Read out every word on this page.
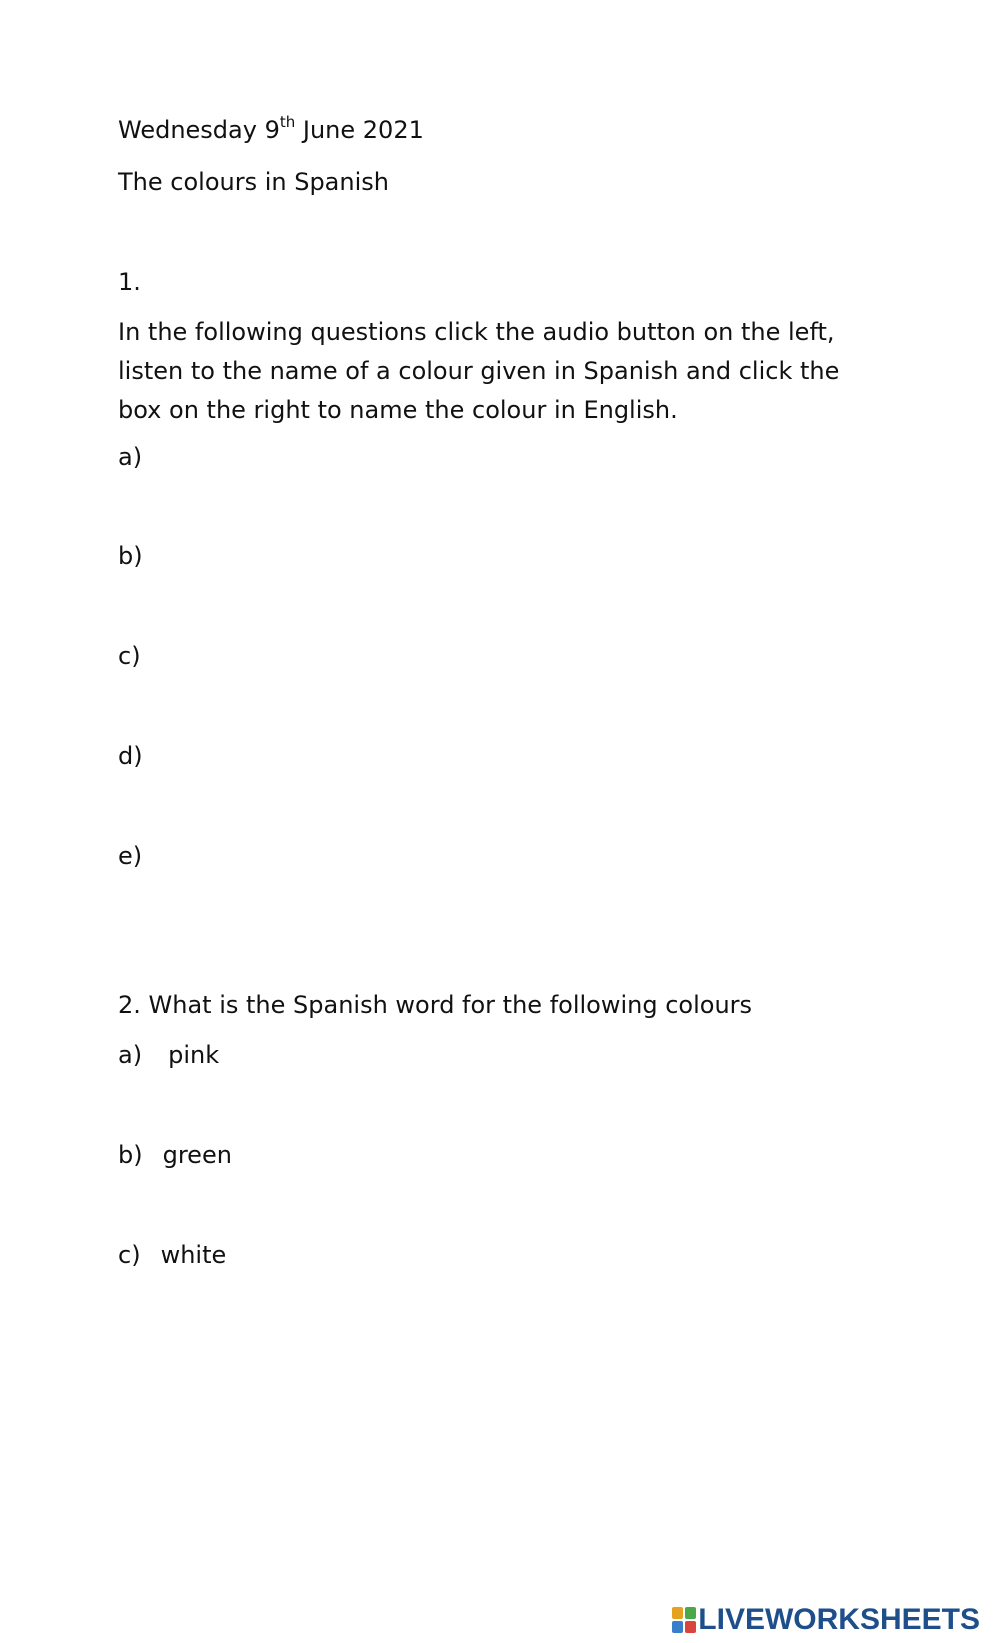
Wednesday 9th June 2021
The colours in Spanish
1.
In the following questions click the audio button on the left,
listen to the name of a colour given in Spanish and click the
box on the right to name the colour in English.
a)
b)
c)
d)
e)
2. What is the Spanish word for the following colours
a) pink
b) green
c) white
LIVEWORKSHEETS
